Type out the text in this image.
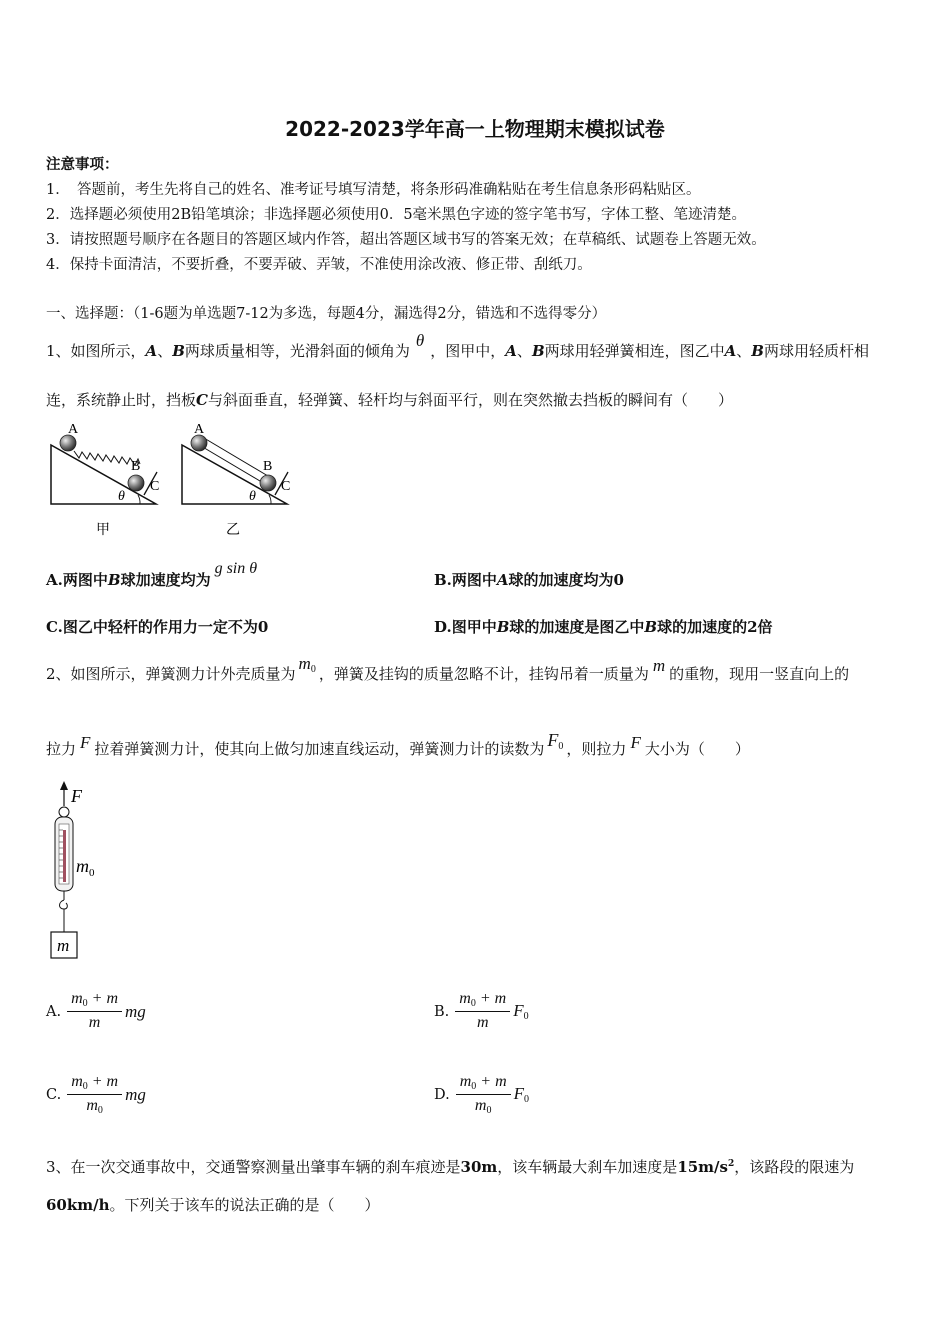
2022-2023学年高一上物理期末模拟试卷
注意事项：
1．　答题前，考生先将自己的姓名、准考证号填写清楚，将条形码准确粘贴在考生信息条形码粘贴区。
2．选择题必须使用2B铅笔填涂；非选择题必须使用0．5毫米黑色字迹的签字笔书写，字体工整、笔迹清楚。
3．请按照题号顺序在各题目的答题区域内作答，超出答题区域书写的答案无效；在草稿纸、试题卷上答题无效。
4．保持卡面清洁，不要折叠，不要弄破、弄皱，不准使用涂改液、修正带、刮纸刀。
一、选择题：（1-6题为单选题7-12为多选，每题4分，漏选得2分，错选和不选得零分）
1、如图所示，A、B两球质量相等，光滑斜面的倾角为θ，图甲中，A、B两球用轻弹簧相连，图乙中A、B两球用轻质杆相
连，系统静止时，挡板C与斜面垂直，轻弹簧、轻杆均与斜面平行，则在突然撤去挡板的瞬间有（　　）
A
B
C
θ
甲
A
B
C
θ
乙
A.两图中B球加速度均为g sin θ
B.两图中A球的加速度均为0
C.图乙中轻杆的作用力一定不为0	D.图甲中B球的加速度是图乙中B球的加速度的2倍
2、如图所示，弹簧测力计外壳质量为$m_0$ ，弹簧及挂钩的质量忽略不计，挂钩吊着一质量为 m 的重物，现用一竖直向上的
拉力 F 拉着弹簧测力计，使其向上做匀加速直线运动，弹簧测力计的读数为 $F_0$ ，则拉力 F 大小为（　　）
F
$m_0$
m
A. $\frac{m_0 + m}{m}$ mg	B. $\frac{m_0 + m}{m} F_0$
C. $\frac{m_0 + m}{m_0}$ mg	D. $\frac{m_0 + m}{m_0} F_0$
3、在一次交通事故中，交通警察测量出肇事车辆的刹车痕迹是30m，该车辆最大刹车加速度是$15m/s^2$，该路段的限速为
60km/h。下列关于该车的说法正确的是（　　）
